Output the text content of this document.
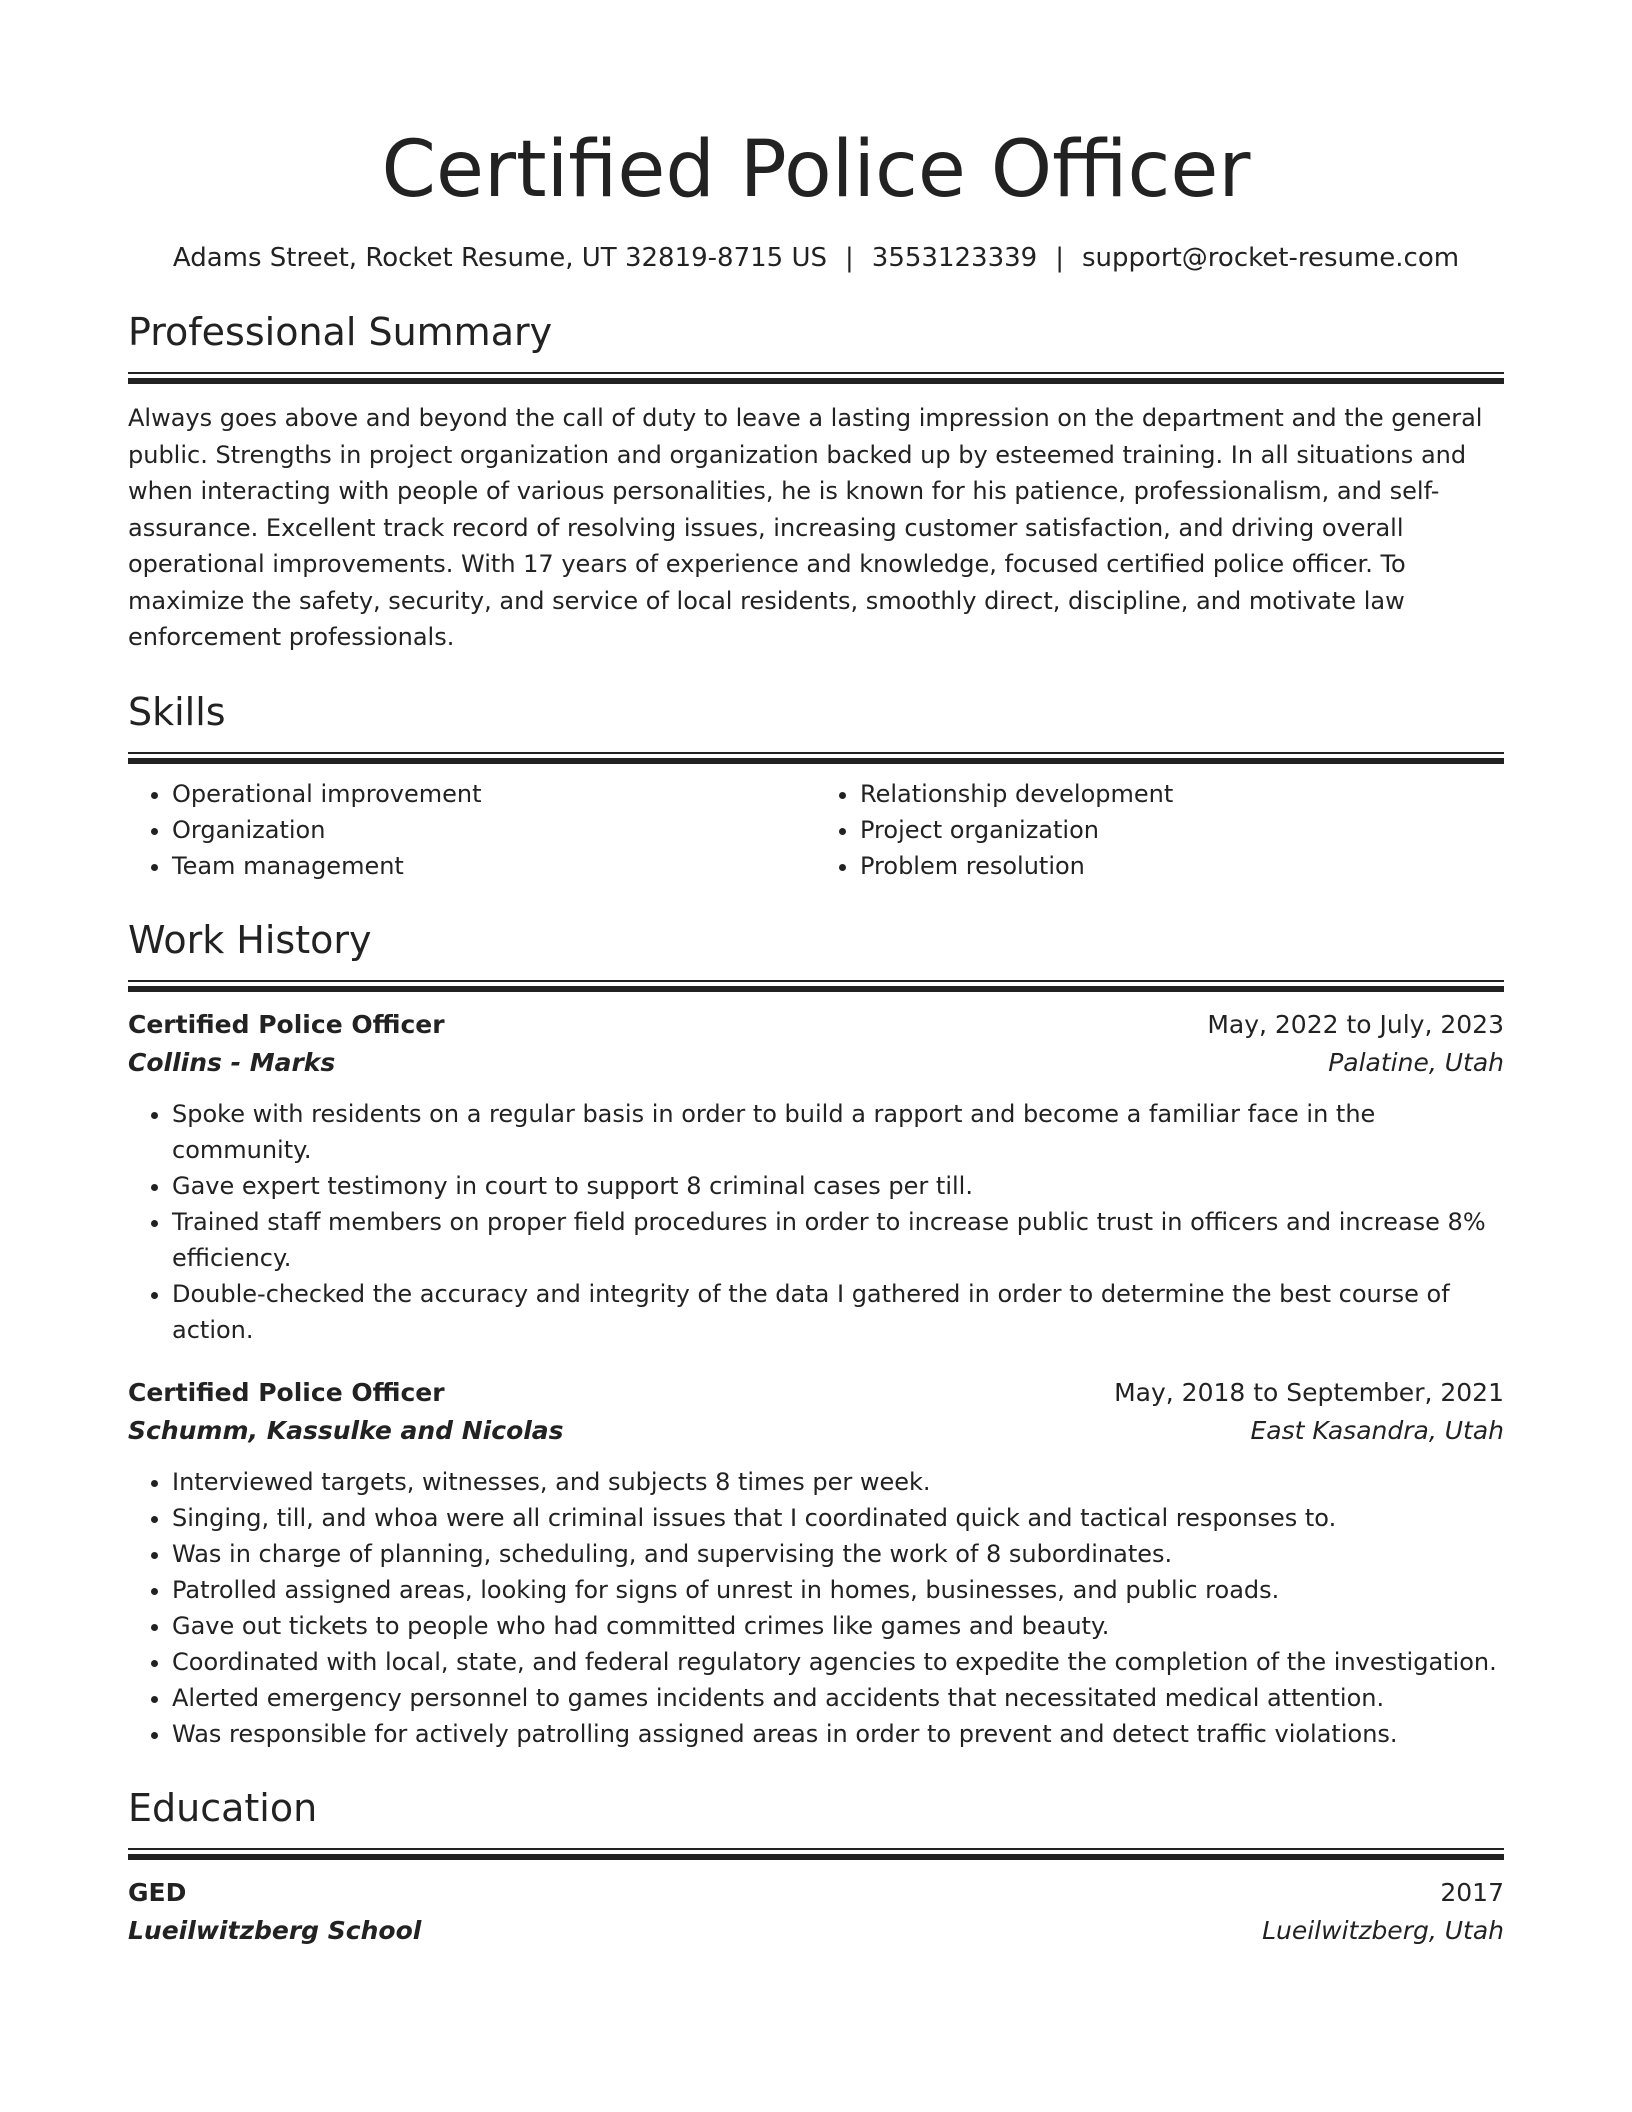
Certified Police Officer
Adams Street, Rocket Resume, UT 32819-8715 US | 3553123339 | support@rocket-resume.com
Professional Summary

Always goes above and beyond the call of duty to leave a lasting impression on the department and the general public. Strengths in project organization and organization backed up by esteemed training. In all situations and when interacting with people of various personalities, he is known for his patience, professionalism, and self-assurance. Excellent track record of resolving issues, increasing customer satisfaction, and driving overall operational improvements. With 17 years of experience and knowledge, focused certified police officer. To maximize the safety, security, and service of local residents, smoothly direct, discipline, and motivate law enforcement professionals.

Skills
• Operational improvement
• Organization
• Team management
• Relationship development
• Project organization
• Problem resolution
Work History
Certified Police Officer	May, 2022 to July, 2023
Collins - Marks	Palatine, Utah
• Spoke with residents on a regular basis in order to build a rapport and become a familiar face in the community.
• Gave expert testimony in court to support 8 criminal cases per till.
• Trained staff members on proper field procedures in order to increase public trust in officers and increase 8% efficiency.
• Double-checked the accuracy and integrity of the data I gathered in order to determine the best course of action.
Certified Police Officer	May, 2018 to September, 2021
Schumm, Kassulke and Nicolas	East Kasandra, Utah
• Interviewed targets, witnesses, and subjects 8 times per week.
• Singing, till, and whoa were all criminal issues that I coordinated quick and tactical responses to.
• Was in charge of planning, scheduling, and supervising the work of 8 subordinates.
• Patrolled assigned areas, looking for signs of unrest in homes, businesses, and public roads.
• Gave out tickets to people who had committed crimes like games and beauty.
• Coordinated with local, state, and federal regulatory agencies to expedite the completion of the investigation.
• Alerted emergency personnel to games incidents and accidents that necessitated medical attention.
• Was responsible for actively patrolling assigned areas in order to prevent and detect traffic violations.
Education
GED	2017
Lueilwitzberg School	Lueilwitzberg, Utah
